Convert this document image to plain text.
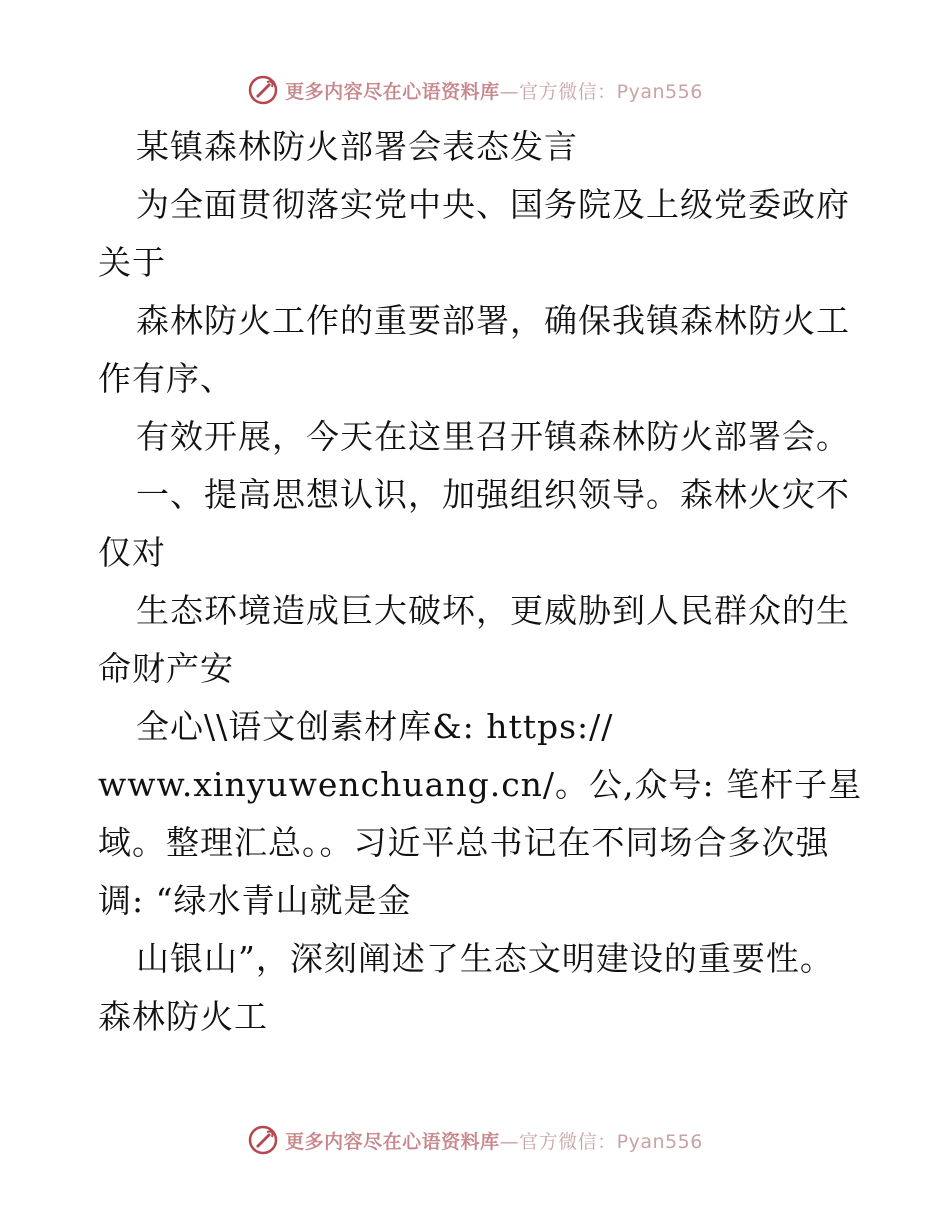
更多内容尽在心语资料库—官方微信：Pyan556
某镇森林防火部署会表态发言
为全面贯彻落实党中央、国务院及上级党委政府
关于
森林防火工作的重要部署，确保我镇森林防火工
作有序、
有效开展，今天在这里召开镇森林防火部署会。
一、提高思想认识，加强组织领导。森林火灾不
仅对
生态环境造成巨大破坏，更威胁到人民群众的生
命财产安
全心\\语文创素材库&: https://
www.xinyuwenchuang.cn/。公,众号: 笔杆子星
域。整理汇总。。习近平总书记在不同场合多次强
调: “绿水青山就是金
山银山”，深刻阐述了生态文明建设的重要性。
森林防火工
更多内容尽在心语资料库—官方微信：Pyan556
